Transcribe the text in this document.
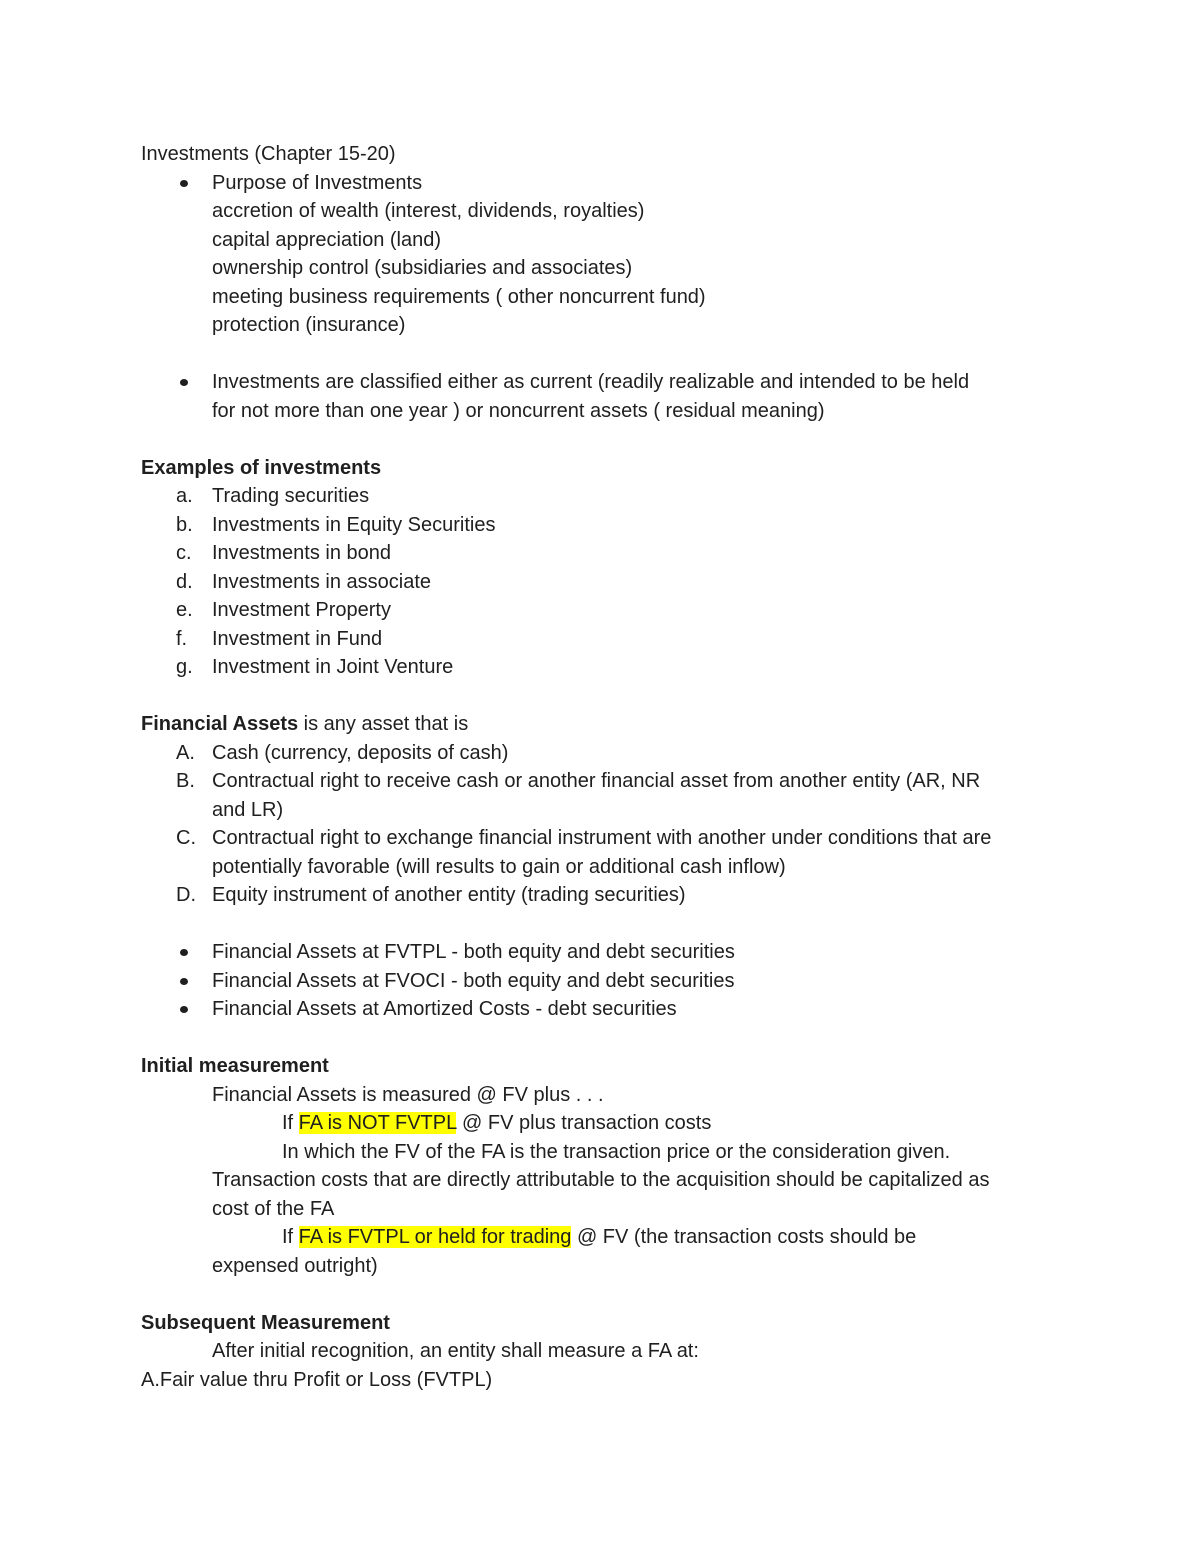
Investments (Chapter 15-20)
Purpose of Investments
accretion of wealth (interest, dividends, royalties)
capital appreciation (land)
ownership control (subsidiaries and associates)
meeting business requirements ( other noncurrent fund)
protection (insurance)
Investments are classified either as current (readily realizable and intended to be held
for not more than one year ) or noncurrent assets ( residual meaning)
Examples of investments
a. Trading securities
b. Investments in Equity Securities
c. Investments in bond
d. Investments in associate
e. Investment Property
f. Investment in Fund
g. Investment in Joint Venture
Financial Assets is any asset that is
A. Cash (currency, deposits of cash)
B. Contractual right to receive cash or another financial asset from another entity (AR, NR
and LR)
C. Contractual right to exchange financial instrument with another under conditions that are
potentially favorable (will results to gain or additional cash inflow)
D. Equity instrument of another entity (trading securities)
Financial Assets at FVTPL - both equity and debt securities
Financial Assets at FVOCI - both equity and debt securities
Financial Assets at Amortized Costs - debt securities
Initial measurement
Financial Assets is measured @ FV plus . . .
If FA is NOT FVTPL @ FV plus transaction costs
In which the FV of the FA is the transaction price or the consideration given.
Transaction costs that are directly attributable to the acquisition should be capitalized as
cost of the FA
If FA is FVTPL or held for trading @ FV (the transaction costs should be
expensed outright)
Subsequent Measurement
After initial recognition, an entity shall measure a FA at:
A.Fair value thru Profit or Loss (FVTPL)
